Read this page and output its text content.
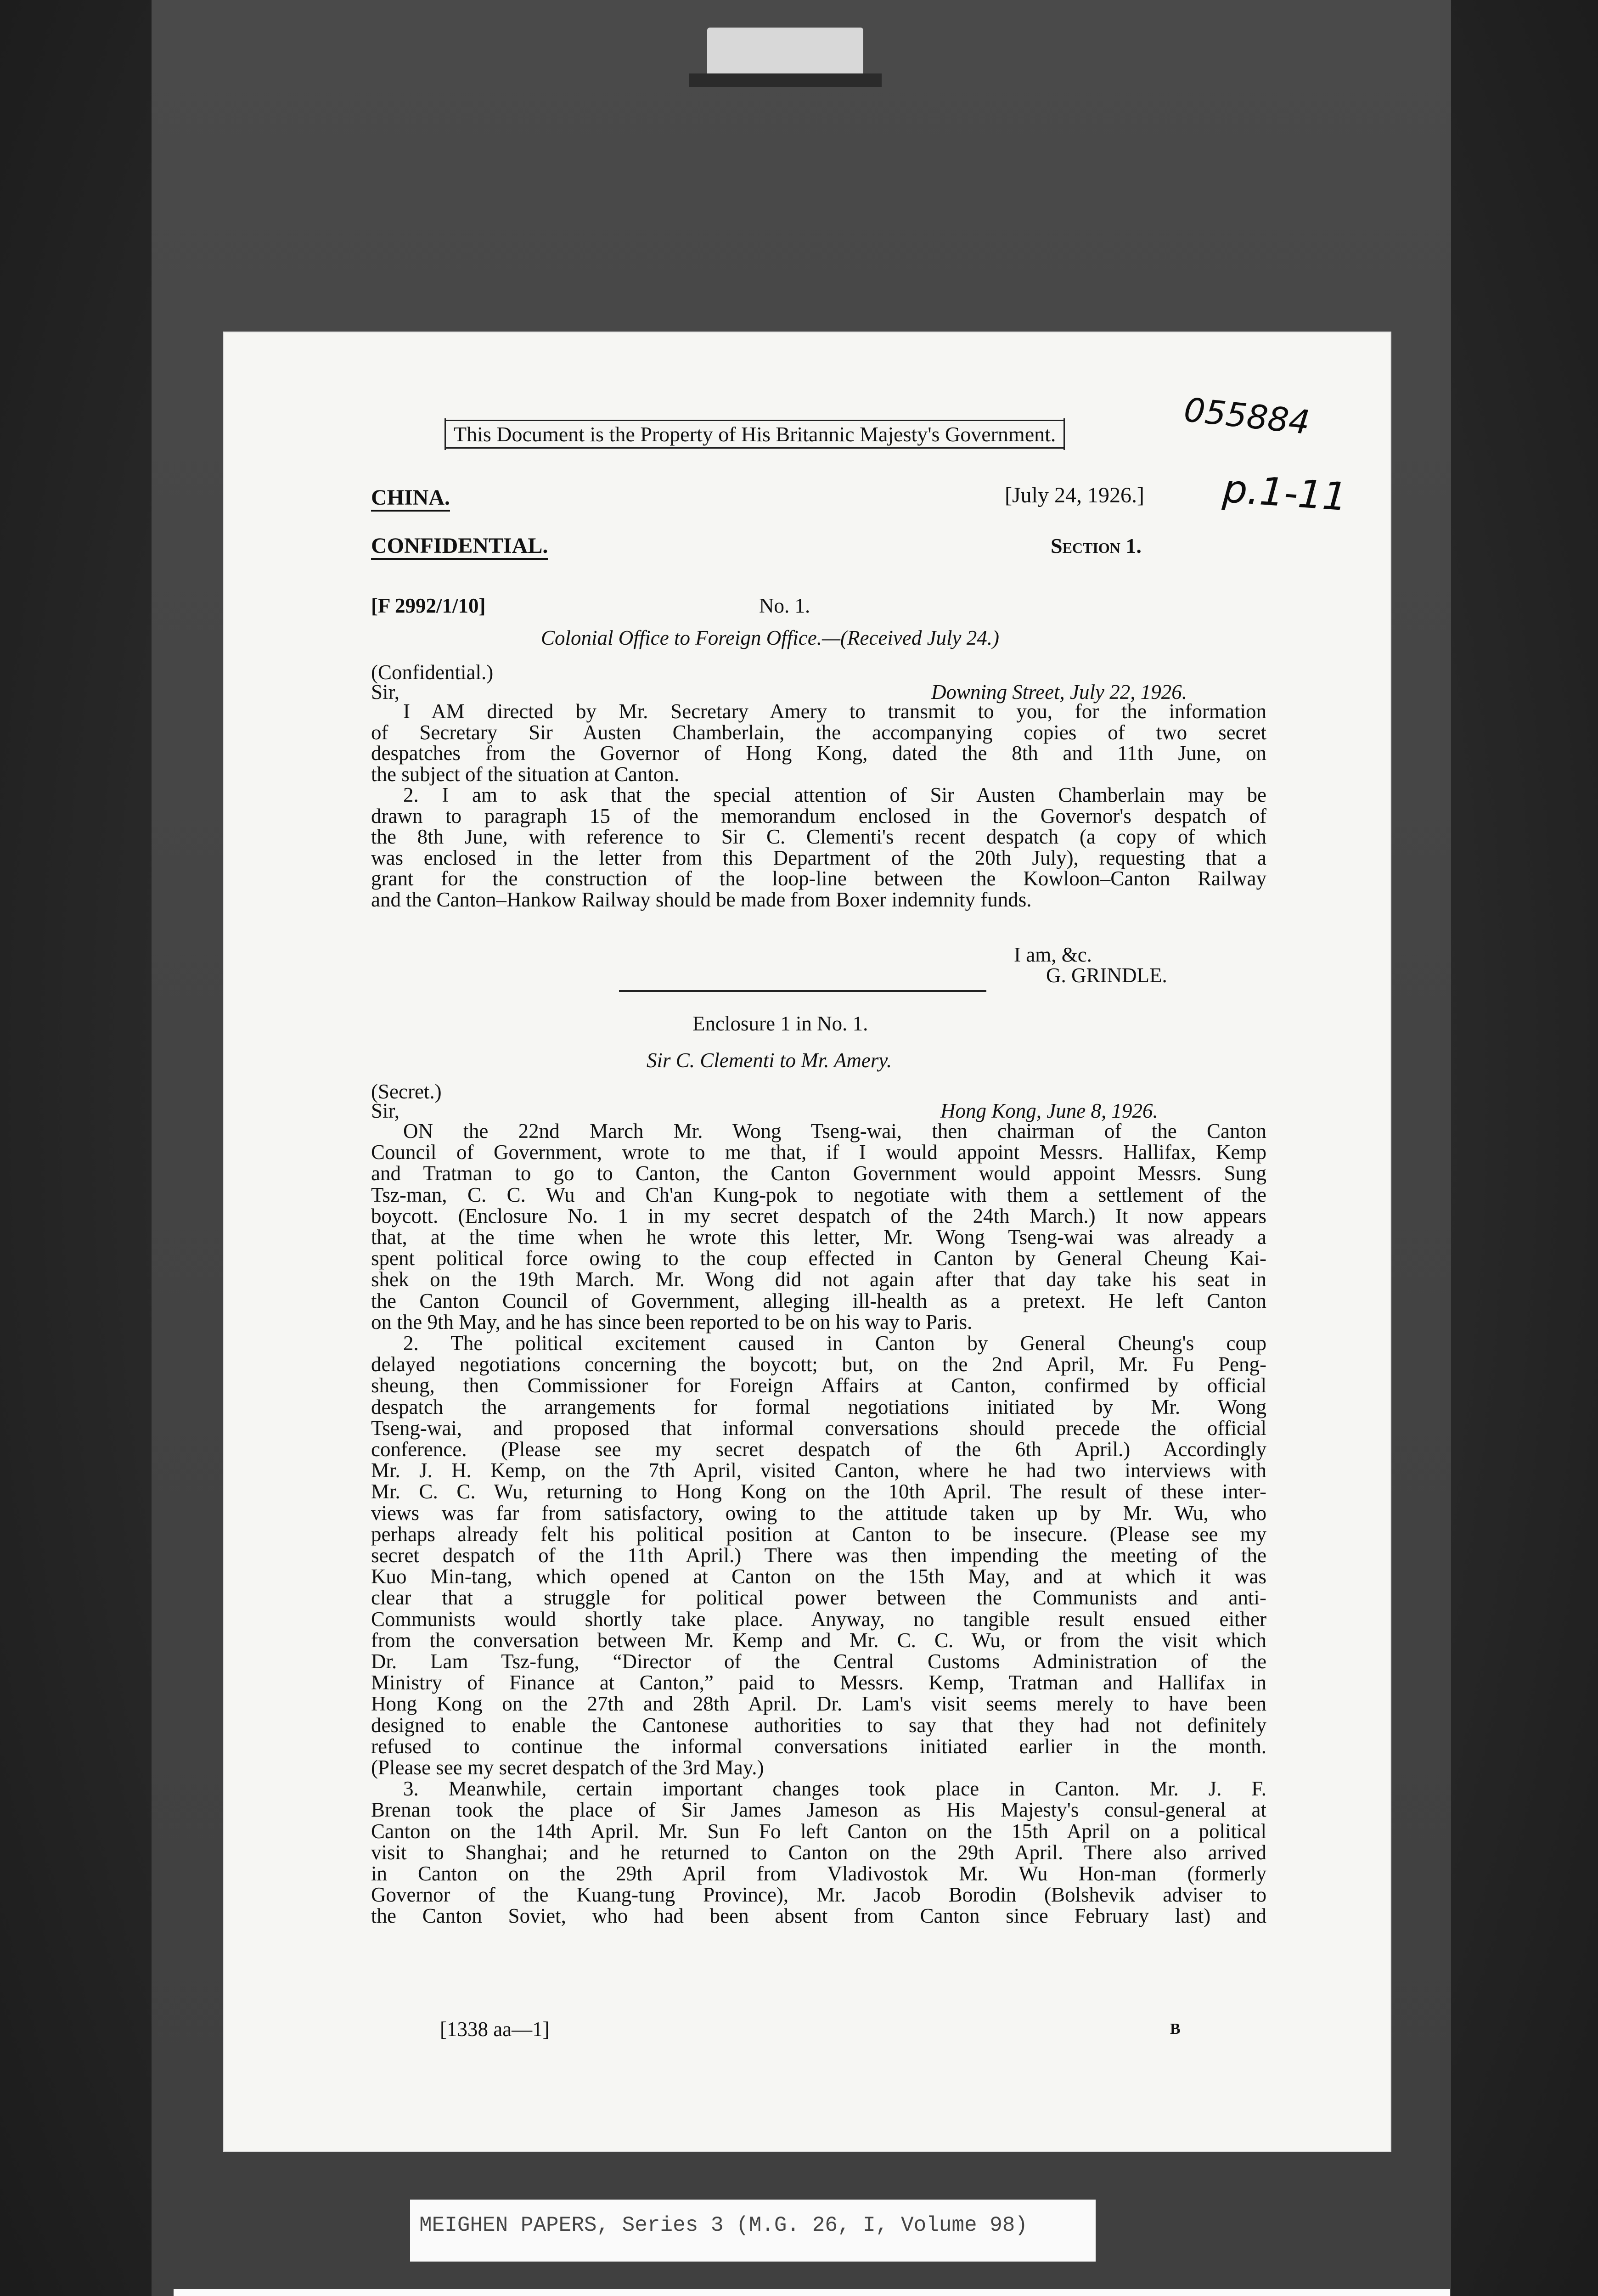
This Document is the Property of His Britannic Majesty's Government.	055884
p.1-11
CHINA.	[July 24, 1926.]
CONFIDENTIAL.	Section 1.
[F 2992/1/10]	No. 1.
Colonial Office to Foreign Office.—(Received July 24.)
(Confidential.)
Sir,	Downing Street, July 22, 1926.
I AM directed by Mr. Secretary Amery to transmit to you, for the information
of Secretary Sir Austen Chamberlain, the accompanying copies of two secret
despatches from the Governor of Hong Kong, dated the 8th and 11th June, on
the subject of the situation at Canton.
2. I am to ask that the special attention of Sir Austen Chamberlain may be
drawn to paragraph 15 of the memorandum enclosed in the Governor's despatch of
the 8th June, with reference to Sir C. Clementi's recent despatch (a copy of which
was enclosed in the letter from this Department of the 20th July), requesting that a
grant for the construction of the loop-line between the Kowloon–Canton Railway
and the Canton–Hankow Railway should be made from Boxer indemnity funds.
I am, &c.
G. GRINDLE.
Enclosure 1 in No. 1.
Sir C. Clementi to Mr. Amery.
(Secret.)
Sir,	Hong Kong, June 8, 1926.
ON the 22nd March Mr. Wong Tseng-wai, then chairman of the Canton
Council of Government, wrote to me that, if I would appoint Messrs. Hallifax, Kemp
and Tratman to go to Canton, the Canton Government would appoint Messrs. Sung
Tsz-man, C. C. Wu and Ch'an Kung-pok to negotiate with them a settlement of the
boycott. (Enclosure No. 1 in my secret despatch of the 24th March.) It now appears
that, at the time when he wrote this letter, Mr. Wong Tseng-wai was already a
spent political force owing to the coup effected in Canton by General Cheung Kai-
shek on the 19th March. Mr. Wong did not again after that day take his seat in
the Canton Council of Government, alleging ill-health as a pretext. He left Canton
on the 9th May, and he has since been reported to be on his way to Paris.
2. The political excitement caused in Canton by General Cheung's coup
delayed negotiations concerning the boycott; but, on the 2nd April, Mr. Fu Peng-
sheung, then Commissioner for Foreign Affairs at Canton, confirmed by official
despatch the arrangements for formal negotiations initiated by Mr. Wong
Tseng-wai, and proposed that informal conversations should precede the official
conference. (Please see my secret despatch of the 6th April.) Accordingly
Mr. J. H. Kemp, on the 7th April, visited Canton, where he had two interviews with
Mr. C. C. Wu, returning to Hong Kong on the 10th April. The result of these inter-
views was far from satisfactory, owing to the attitude taken up by Mr. Wu, who
perhaps already felt his political position at Canton to be insecure. (Please see my
secret despatch of the 11th April.) There was then impending the meeting of the
Kuo Min-tang, which opened at Canton on the 15th May, and at which it was
clear that a struggle for political power between the Communists and anti-
Communists would shortly take place. Anyway, no tangible result ensued either
from the conversation between Mr. Kemp and Mr. C. C. Wu, or from the visit which
Dr. Lam Tsz-fung, “Director of the Central Customs Administration of the
Ministry of Finance at Canton,” paid to Messrs. Kemp, Tratman and Hallifax in
Hong Kong on the 27th and 28th April. Dr. Lam's visit seems merely to have been
designed to enable the Cantonese authorities to say that they had not definitely
refused to continue the informal conversations initiated earlier in the month.
(Please see my secret despatch of the 3rd May.)
3. Meanwhile, certain important changes took place in Canton. Mr. J. F.
Brenan took the place of Sir James Jameson as His Majesty's consul-general at
Canton on the 14th April. Mr. Sun Fo left Canton on the 15th April on a political
visit to Shanghai; and he returned to Canton on the 29th April. There also arrived
in Canton on the 29th April from Vladivostok Mr. Wu Hon-man (formerly
Governor of the Kuang-tung Province), Mr. Jacob Borodin (Bolshevik adviser to
the Canton Soviet, who had been absent from Canton since February last) and
[1338 aa—1]	B
MEIGHEN PAPERS, Series 3 (M.G. 26, I, Volume 98)
